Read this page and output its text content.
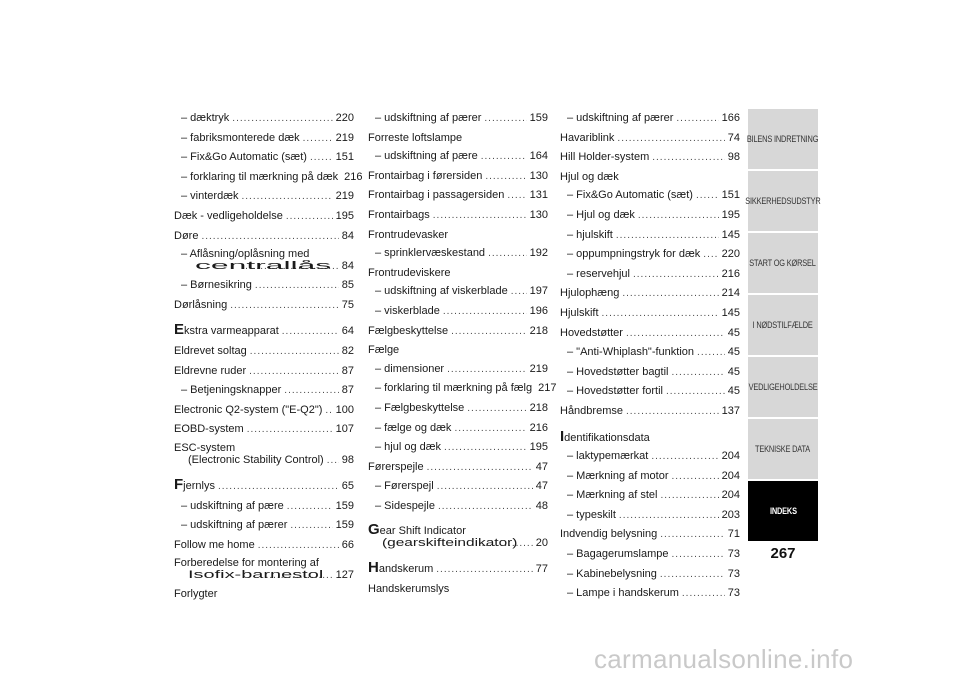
– dæktryk .....	220
– fabriksmonterede dæk .....	219
– Fix&Go Automatic (sæt) .....	151
– forklaring til mærkning på dæk 216
– vinterdæk .....	219
Dæk - vedligeholdelse .....	195
Døre .....	84
– Aflåsning/oplåsning med
centrallås ..... 84
– Børnesikring .....	85
Dørlåsning .....	75
Ekstra varmeapparat .....	64
Eldrevet soltag .....	82
Eldrevne ruder .....	87
– Betjeningsknapper .....	87
Electronic Q2-system ("E-Q2") ..... 100
EOBD-system .....	107
ESC-system
(Electronic Stability Control) ..... 98
Fjernlys .....	65
– udskiftning af pære .....	159
– udskiftning af pærer .....	159
Follow me home .....	66
Forberedelse for montering af
Isofix-barnestol ..... 127
Forlygter
– udskiftning af pærer .....	159
Forreste loftslampe
– udskiftning af pære .....	164
Frontairbag i førersiden .....	130
Frontairbag i passagersiden ..... 131
Frontairbags .....	130
Frontrudevasker
– sprinklervæskestand .....	192
Frontrudeviskere
– udskiftning af viskerblade ..... 197
– viskerblade .....	196
Fælgbeskyttelse .....	218
Fælge
– dimensioner .....	219
– forklaring til mærkning på fælg 217
– Fælgbeskyttelse .....	218
– fælge og dæk .....	216
– hjul og dæk .....	195
Førerspejle .....	47
– Førerspejl .....	47
– Sidespejle .....	48
Gear Shift Indicator
(gearskifteindikator) ..... 20
Handskerum .....	77
Handskerumslys
– udskiftning af pærer .....	166
Havariblink .....	74
Hill Holder-system .....	98
Hjul og dæk
– Fix&Go Automatic (sæt) .....	151
– Hjul og dæk .....	195
– hjulskift .....	145
– oppumpningstryk for dæk ..... 220
– reservehjul .....	216
Hjulophæng .....	214
Hjulskift .....	145
Hovedstøtter .....	45
– "Anti-Whiplash"-funktion .....	45
– Hovedstøtter bagtil .....	45
– Hovedstøtter fortil .....	45
Håndbremse .....	137
Identifikationsdata
– laktypemærkat .....	204
– Mærkning af motor .....	204
– Mærkning af stel .....	204
– typeskilt .....	203
Indvendig belysning .....	71
– Bagagerumslampe .....	73
– Kabinebelysning .....	73
– Lampe i handskerum .....	73
BILENS INDRETNING
SIKKERHEDSUDSTYR
START OG KØRSEL
I NØDSTILFÆLDE
VEDLIGEHOLDELSE
TEKNISKE DATA
INDEKS
267
carmanualsonline.info
